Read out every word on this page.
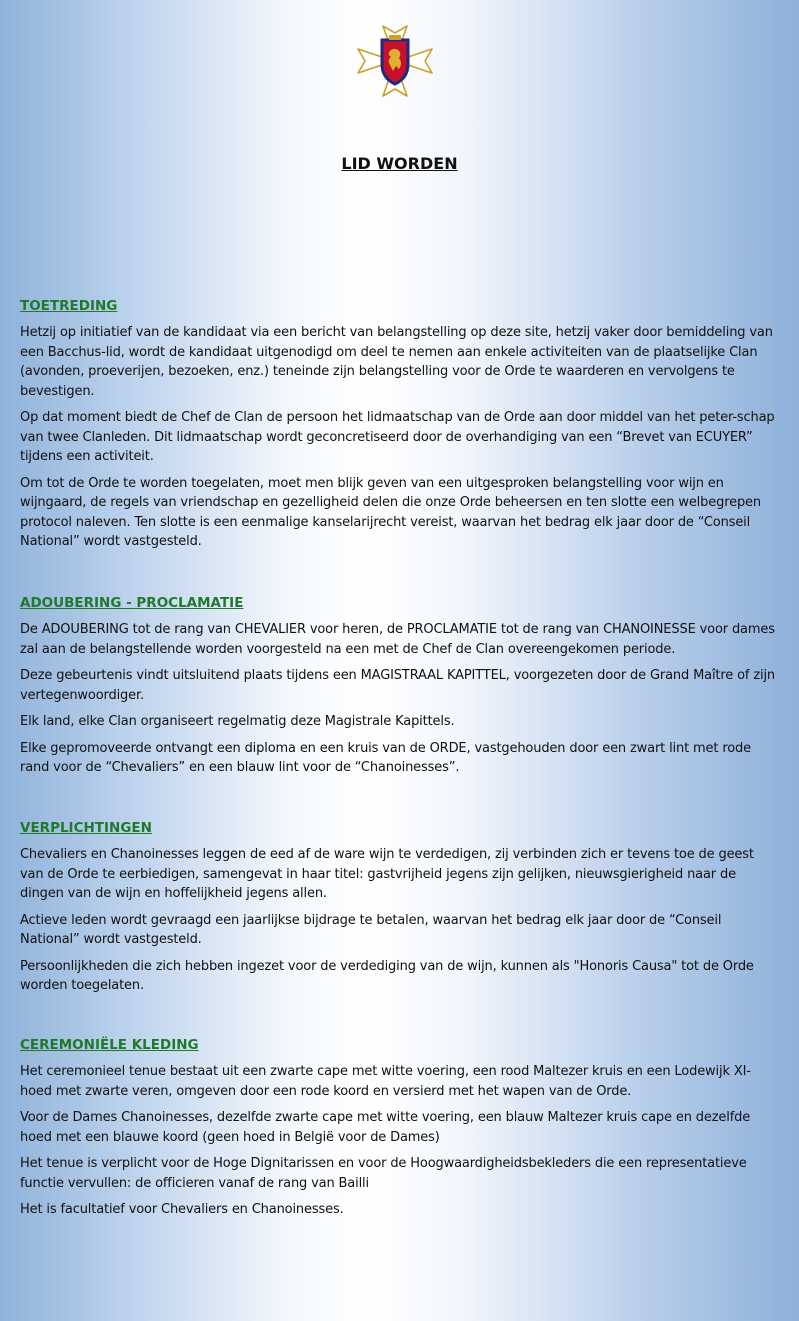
LID WORDEN
TOETREDING

Hetzij op initiatief van de kandidaat via een bericht van belangstelling op deze site, hetzij vaker door bemiddeling van een Bacchus-lid, wordt de kandidaat uitgenodigd om deel te nemen aan enkele activiteiten van de plaatselijke Clan (avonden, proeverijen, bezoeken, enz.) teneinde zijn belangstelling voor de Orde te waarderen en vervolgens te bevestigen.

Op dat moment biedt de Chef de Clan de persoon het lidmaatschap van de Orde aan door middel van het peter-schap van twee Clanleden. Dit lidmaatschap wordt geconcretiseerd door de overhandiging van een “Brevet van ECUYER” tijdens een activiteit.

Om tot de Orde te worden toegelaten, moet men blijk geven van een uitgesproken belangstelling voor wijn en wijngaard, de regels van vriendschap en gezelligheid delen die onze Orde beheersen en ten slotte een welbegrepen protocol naleven. Ten slotte is een eenmalige kanselarijrecht vereist, waarvan het bedrag elk jaar door de “Conseil National” wordt vastgesteld.

ADOUBERING - PROCLAMATIE

De ADOUBERING tot de rang van CHEVALIER voor heren, de PROCLAMATIE tot de rang van CHANOINESSE voor dames zal aan de belangstellende worden voorgesteld na een met de Chef de Clan overeengekomen periode.

Deze gebeurtenis vindt uitsluitend plaats tijdens een MAGISTRAAL KAPITTEL, voorgezeten door de Grand Maître of zijn vertegenwoordiger.

Elk land, elke Clan organiseert regelmatig deze Magistrale Kapittels.

Elke gepromoveerde ontvangt een diploma en een kruis van de ORDE, vastgehouden door een zwart lint met rode rand voor de “Chevaliers” en een blauw lint voor de “Chanoinesses”.

VERPLICHTINGEN

Chevaliers en Chanoinesses leggen de eed af de ware wijn te verdedigen, zij verbinden zich er tevens toe de geest van de Orde te eerbiedigen, samengevat in haar titel: gastvrijheid jegens zijn gelijken, nieuwsgierigheid naar de dingen van de wijn en hoffelijkheid jegens allen.

Actieve leden wordt gevraagd een jaarlijkse bijdrage te betalen, waarvan het bedrag elk jaar door de “Conseil National” wordt vastgesteld.

Persoonlijkheden die zich hebben ingezet voor de verdediging van de wijn, kunnen als "Honoris Causa" tot de Orde worden toegelaten.

CEREMONIËLE KLEDING

Het ceremonieel tenue bestaat uit een zwarte cape met witte voering, een rood Maltezer kruis en een Lodewijk XI-hoed met zwarte veren, omgeven door een rode koord en versierd met het wapen van de Orde.

Voor de Dames Chanoinesses, dezelfde zwarte cape met witte voering, een blauw Maltezer kruis cape en dezelfde hoed met een blauwe koord (geen hoed in België voor de Dames)

Het tenue is verplicht voor de Hoge Dignitarissen en voor de Hoogwaardigheidsbekleders die een representatieve functie vervullen: de officieren vanaf de rang van Bailli

Het is facultatief voor Chevaliers en Chanoinesses.
